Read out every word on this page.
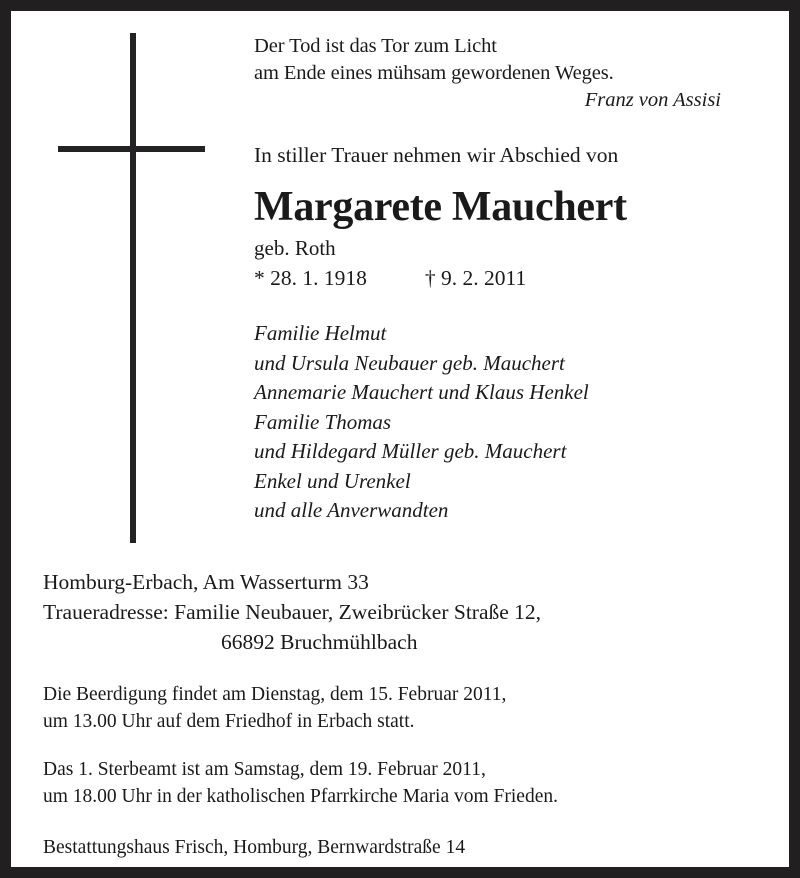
Der Tod ist das Tor zum Licht
am Ende eines mühsam gewordenen Weges.
Franz von Assisi
In stiller Trauer nehmen wir Abschied von
Margarete Mauchert
geb. Roth
* 28. 1. 1918	† 9. 2. 2011
Familie Helmut
und Ursula Neubauer geb. Mauchert
Annemarie Mauchert und Klaus Henkel
Familie Thomas
und Hildegard Müller geb. Mauchert
Enkel und Urenkel
und alle Anverwandten
Homburg-Erbach, Am Wasserturm 33
Traueradresse: Familie Neubauer, Zweibrücker Straße 12,
66892 Bruchmühlbach
Die Beerdigung findet am Dienstag, dem 15. Februar 2011,
um 13.00 Uhr auf dem Friedhof in Erbach statt.
Das 1. Sterbeamt ist am Samstag, dem 19. Februar 2011,
um 18.00 Uhr in der katholischen Pfarrkirche Maria vom Frieden.
Bestattungshaus Frisch, Homburg, Bernwardstraße 14
